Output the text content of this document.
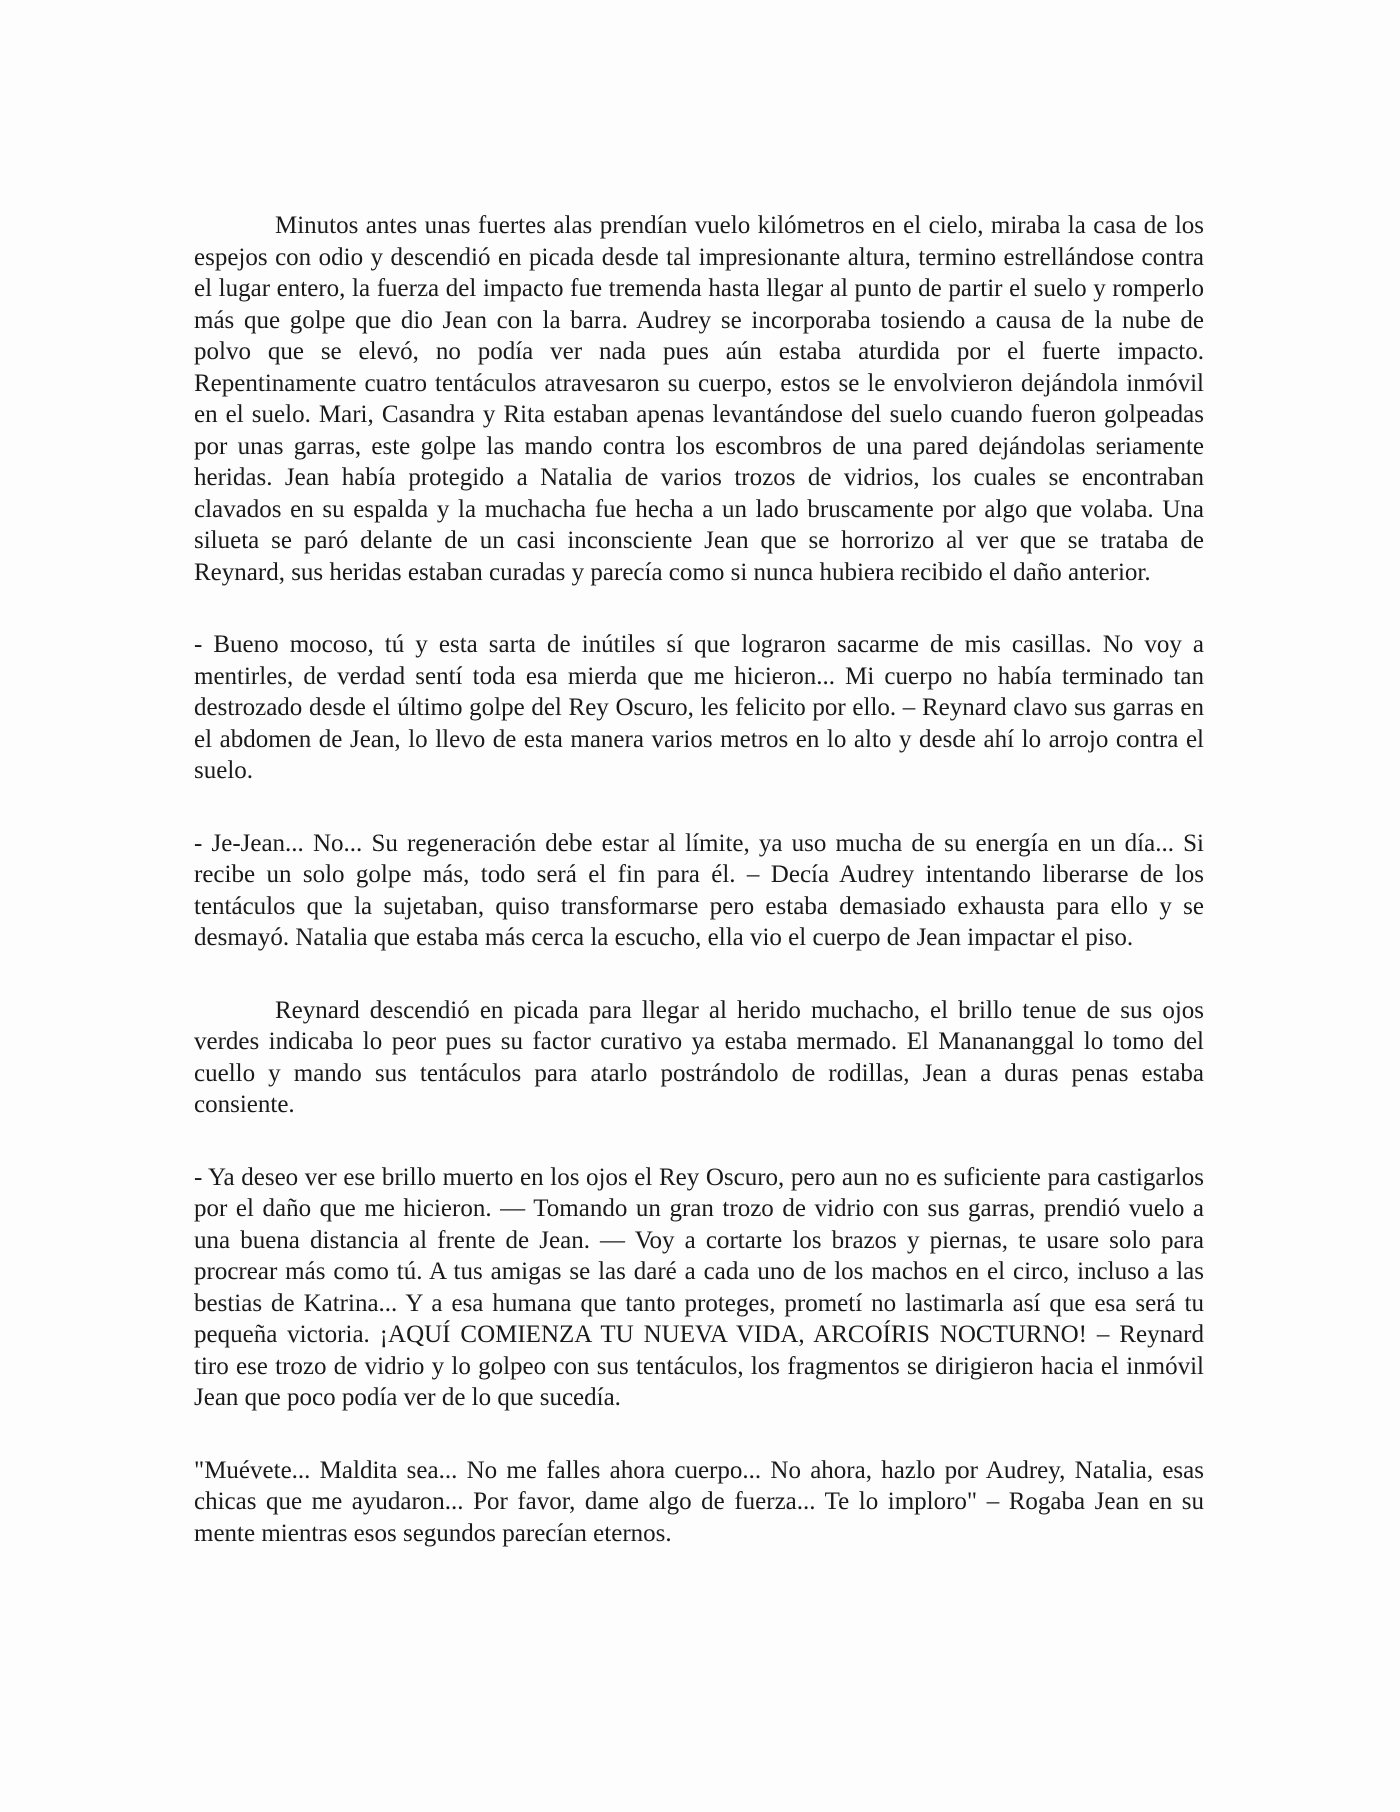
Minutos antes unas fuertes alas prendían vuelo kilómetros en el cielo, miraba la casa de los espejos con odio y descendió en picada desde tal impresionante altura, termino estrellándose contra el lugar entero, la fuerza del impacto fue tremenda hasta llegar al punto de partir el suelo y romperlo más que golpe que dio Jean con la barra. Audrey se incorporaba tosiendo a causa de la nube de polvo que se elevó, no podía ver nada pues aún estaba aturdida por el fuerte impacto. Repentinamente cuatro tentáculos atravesaron su cuerpo, estos se le envolvieron dejándola inmóvil en el suelo. Mari, Casandra y Rita estaban apenas levantándose del suelo cuando fueron golpeadas por unas garras, este golpe las mando contra los escombros de una pared dejándolas seriamente heridas. Jean había protegido a Natalia de varios trozos de vidrios, los cuales se encontraban clavados en su espalda y la muchacha fue hecha a un lado bruscamente por algo que volaba. Una silueta se paró delante de un casi inconsciente Jean que se horrorizo al ver que se trataba de Reynard, sus heridas estaban curadas y parecía como si nunca hubiera recibido el daño anterior.

- Bueno mocoso, tú y esta sarta de inútiles sí que lograron sacarme de mis casillas. No voy a mentirles, de verdad sentí toda esa mierda que me hicieron... Mi cuerpo no había terminado tan destrozado desde el último golpe del Rey Oscuro, les felicito por ello. – Reynard clavo sus garras en el abdomen de Jean, lo llevo de esta manera varios metros en lo alto y desde ahí lo arrojo contra el suelo.

- Je-Jean... No... Su regeneración debe estar al límite, ya uso mucha de su energía en un día... Si recibe un solo golpe más, todo será el fin para él. – Decía Audrey intentando liberarse de los tentáculos que la sujetaban, quiso transformarse pero estaba demasiado exhausta para ello y se desmayó. Natalia que estaba más cerca la escucho, ella vio el cuerpo de Jean impactar el piso.

Reynard descendió en picada para llegar al herido muchacho, el brillo tenue de sus ojos verdes indicaba lo peor pues su factor curativo ya estaba mermado. El Manananggal lo tomo del cuello y mando sus tentáculos para atarlo postrándolo de rodillas, Jean a duras penas estaba consiente.

- Ya deseo ver ese brillo muerto en los ojos el Rey Oscuro, pero aun no es suficiente para castigarlos por el daño que me hicieron. — Tomando un gran trozo de vidrio con sus garras, prendió vuelo a una buena distancia al frente de Jean. — Voy a cortarte los brazos y piernas, te usare solo para procrear más como tú. A tus amigas se las daré a cada uno de los machos en el circo, incluso a las bestias de Katrina... Y a esa humana que tanto proteges, prometí no lastimarla así que esa será tu pequeña victoria. ¡AQUÍ COMIENZA TU NUEVA VIDA, ARCOÍRIS NOCTURNO! – Reynard tiro ese trozo de vidrio y lo golpeo con sus tentáculos, los fragmentos se dirigieron hacia el inmóvil Jean que poco podía ver de lo que sucedía.

"Muévete... Maldita sea... No me falles ahora cuerpo... No ahora, hazlo por Audrey, Natalia, esas chicas que me ayudaron... Por favor, dame algo de fuerza... Te lo imploro" – Rogaba Jean en su mente mientras esos segundos parecían eternos.
